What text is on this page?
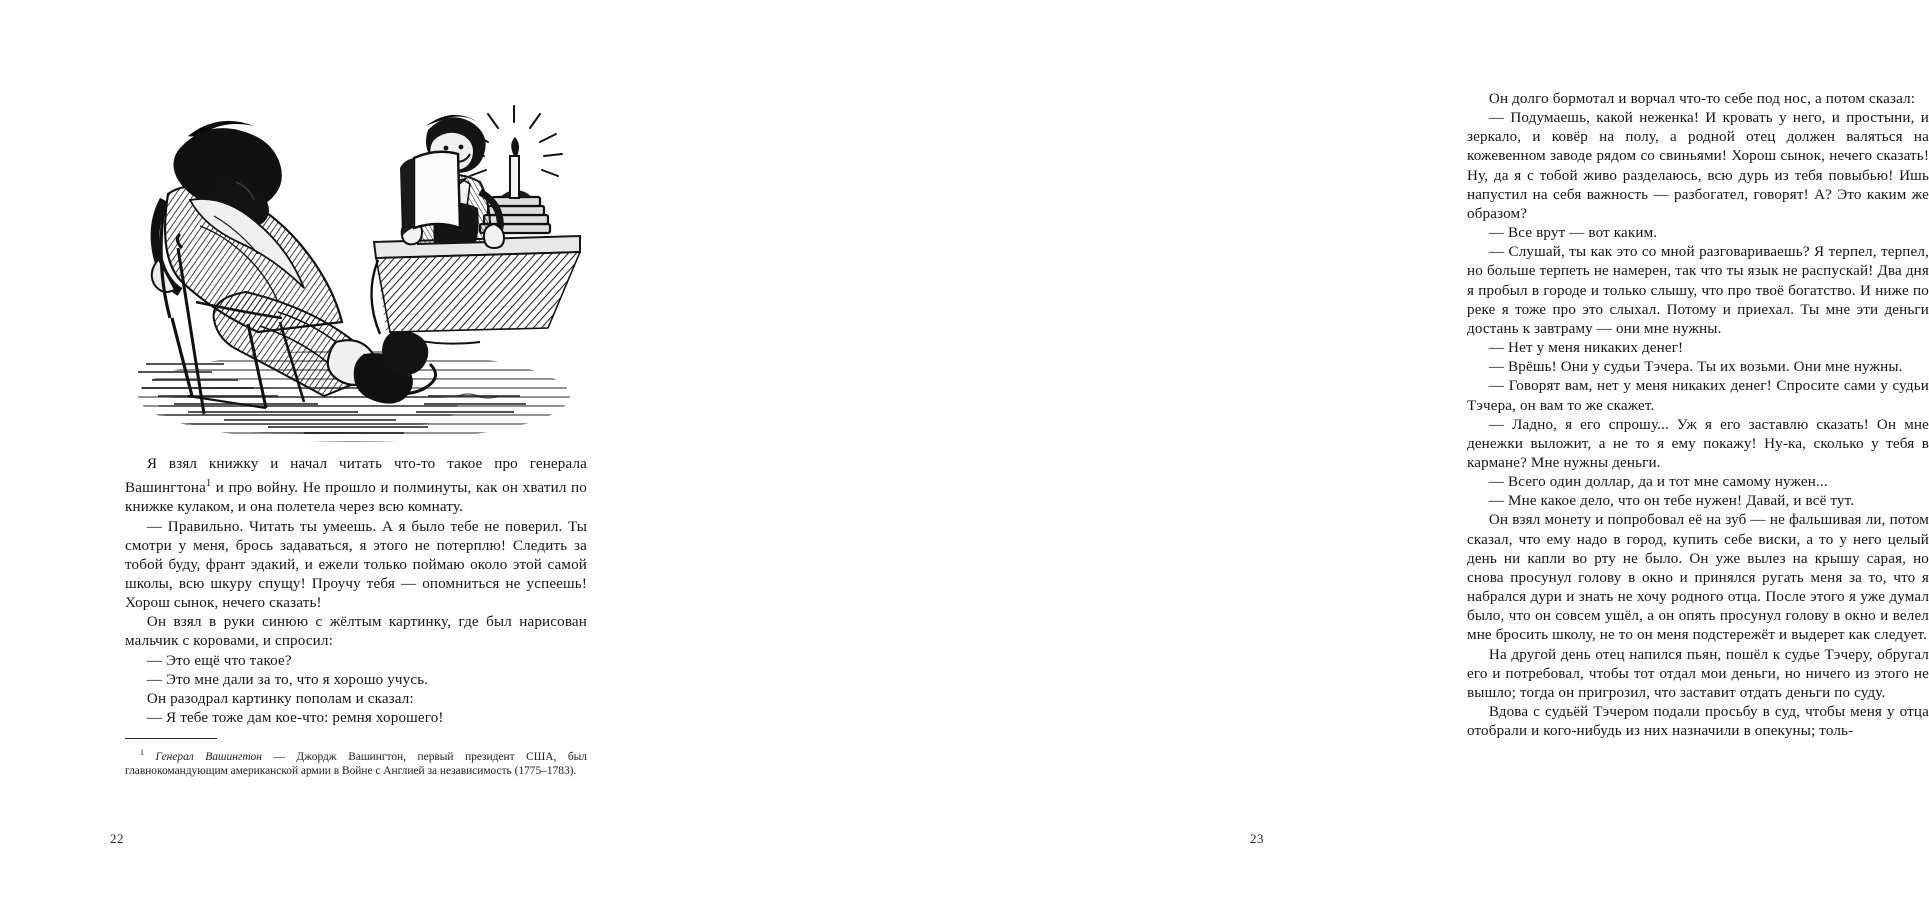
Я взял книжку и начал читать что-то такое про генерала Вашингтона$^1$ и про войну. Не прошло и полминуты, как он хватил по книжке кулаком, и она полетела через всю комнату.

— Правильно. Читать ты умеешь. А я было тебе не поверил. Ты смотри у меня, брось задаваться, я этого не потерплю! Следить за тобой буду, франт эдакий, и ежели только поймаю около этой самой школы, всю шкуру спущу! Проучу тебя — опомниться не успеешь! Хорош сынок, нечего сказать!

Он взял в руки синюю с жёлтым картинку, где был нарисован мальчик с коровами, и спросил:

— Это ещё что такое?

— Это мне дали за то, что я хорошо учусь.

Он разодрал картинку пополам и сказал:

— Я тебе тоже дам кое-что: ремня хорошего!

$^1$ Генерал Вашингтон — Джордж Вашингтон, первый президент США, был главнокомандующим американской армии в Войне с Англией за независимость (1775–1783).

22

Он долго бормотал и ворчал что-то себе под нос, а потом сказал:

— Подумаешь, какой неженка! И кровать у него, и простыни, и зеркало, и ковёр на полу, а родной отец должен валяться на кожевенном заводе рядом со свиньями! Хорош сынок, нечего сказать! Ну, да я с тобой живо разделаюсь, всю дурь из тебя повыбью! Ишь напустил на себя важность — разбогател, говорят! А? Это каким же образом?

— Все врут — вот каким.

— Слушай, ты как это со мной разговариваешь? Я терпел, терпел, но больше терпеть не намерен, так что ты язык не распускай! Два дня я пробыл в городе и только слышу, что про твоё богатство. И ниже по реке я тоже про это слыхал. Потому и приехал. Ты мне эти деньги достань к завтраму — они мне нужны.

— Нет у меня никаких денег!

— Врёшь! Они у судьи Тэчера. Ты их возьми. Они мне нужны.

— Говорят вам, нет у меня никаких денег! Спросите сами у судьи Тэчера, он вам то же скажет.

— Ладно, я его спрошу... Уж я его заставлю сказать! Он мне денежки выложит, а не то я ему покажу! Ну-ка, сколько у тебя в кармане? Мне нужны деньги.

— Всего один доллар, да и тот мне самому нужен...

— Мне какое дело, что он тебе нужен! Давай, и всё тут.

Он взял монету и попробовал её на зуб — не фальшивая ли, потом сказал, что ему надо в город, купить себе виски, а то у него целый день ни капли во рту не было. Он уже вылез на крышу сарая, но снова просунул голову в окно и принялся ругать меня за то, что я набрался дури и знать не хочу родного отца. После этого я уже думал было, что он совсем ушёл, а он опять просунул голову в окно и велел мне бросить школу, не то он меня подстережёт и выдерет как следует.

На другой день отец напился пьян, пошёл к судье Тэчеру, обругал его и потребовал, чтобы тот отдал мои деньги, но ничего из этого не вышло; тогда он пригрозил, что заставит отдать деньги по суду.

Вдова с судьёй Тэчером подали просьбу в суд, чтобы меня у отца отобрали и кого-нибудь из них назначили в опекуны; толь-

23
